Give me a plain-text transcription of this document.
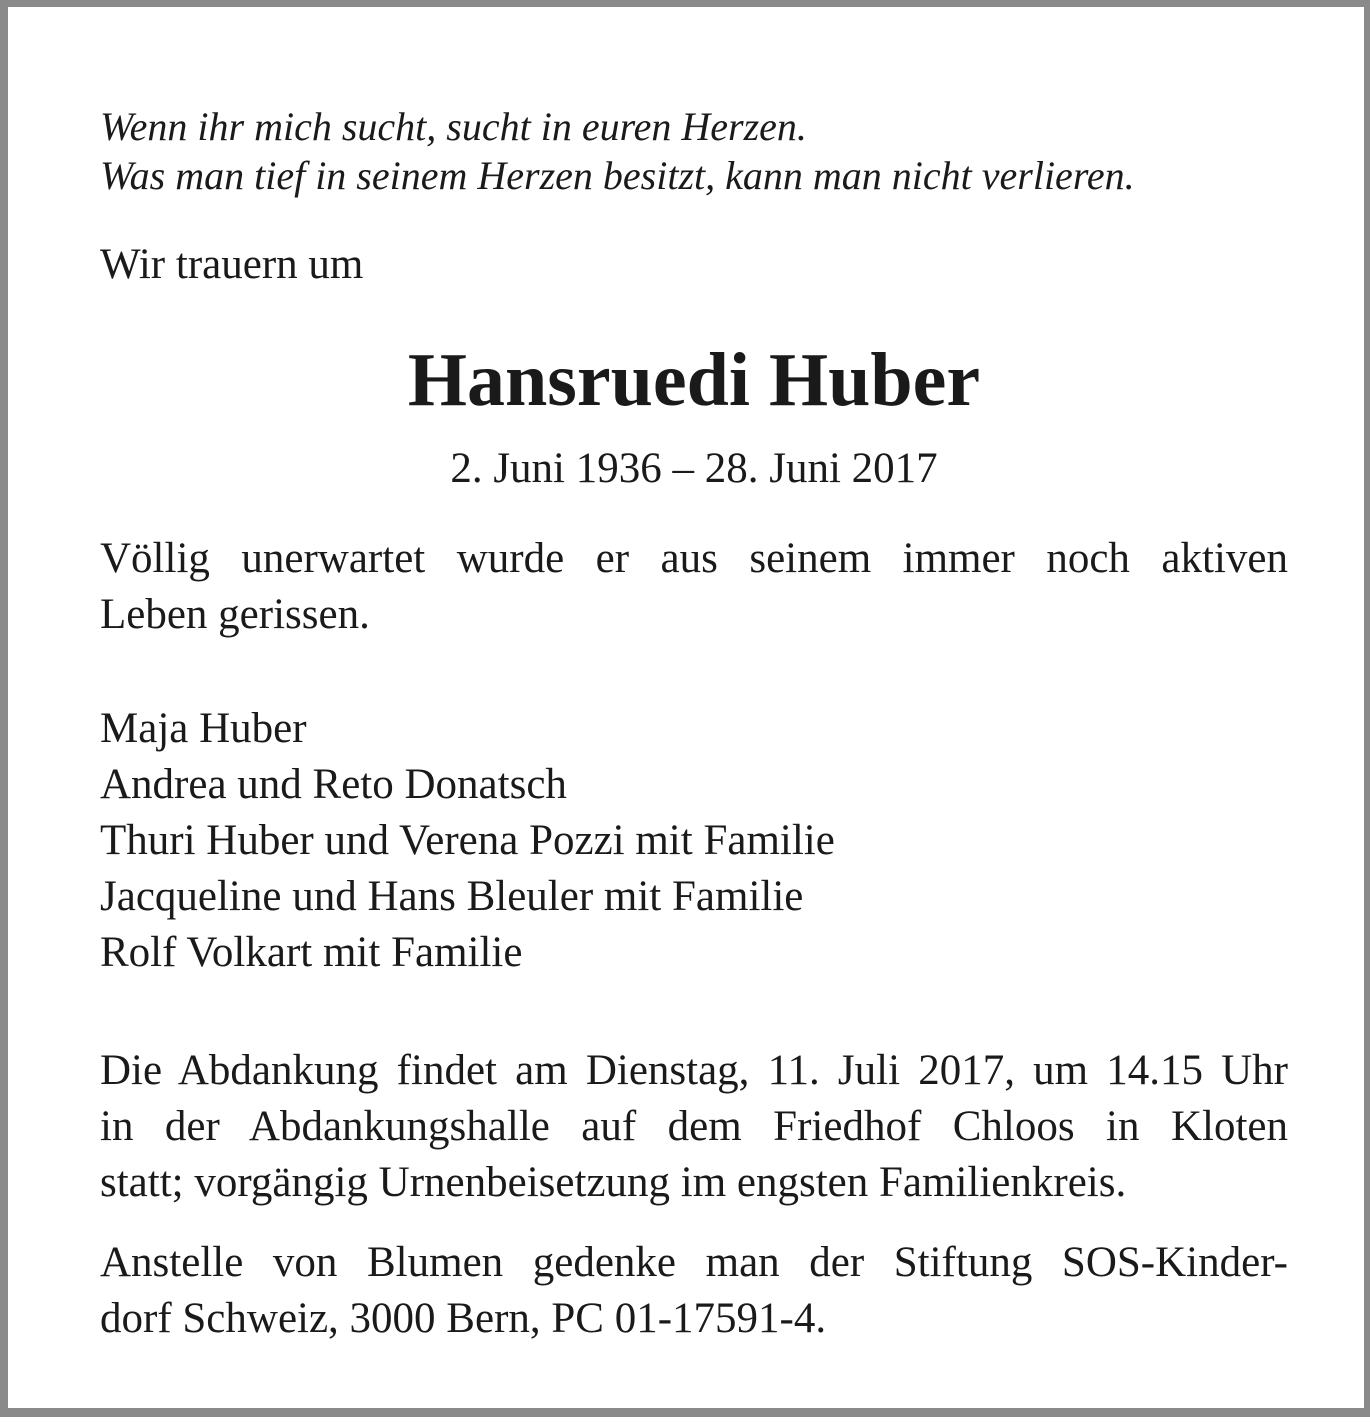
Wenn ihr mich sucht, sucht in euren Herzen.
Was man tief in seinem Herzen besitzt, kann man nicht verlieren.
Wir trauern um
Hansruedi Huber
2. Juni 1936 – 28. Juni 2017
Völlig unerwartet wurde er aus seinem immer noch aktiven
Leben gerissen.
Maja Huber
Andrea und Reto Donatsch
Thuri Huber und Verena Pozzi mit Familie
Jacqueline und Hans Bleuler mit Familie
Rolf Volkart mit Familie
Die Abdankung findet am Dienstag, 11. Juli 2017, um 14.15 Uhr
in der Abdankungshalle auf dem Friedhof Chloos in Kloten
statt; vorgängig Urnenbeisetzung im engsten Familienkreis.
Anstelle von Blumen gedenke man der Stiftung SOS-Kinder-
dorf Schweiz, 3000 Bern, PC 01-17591-4.
